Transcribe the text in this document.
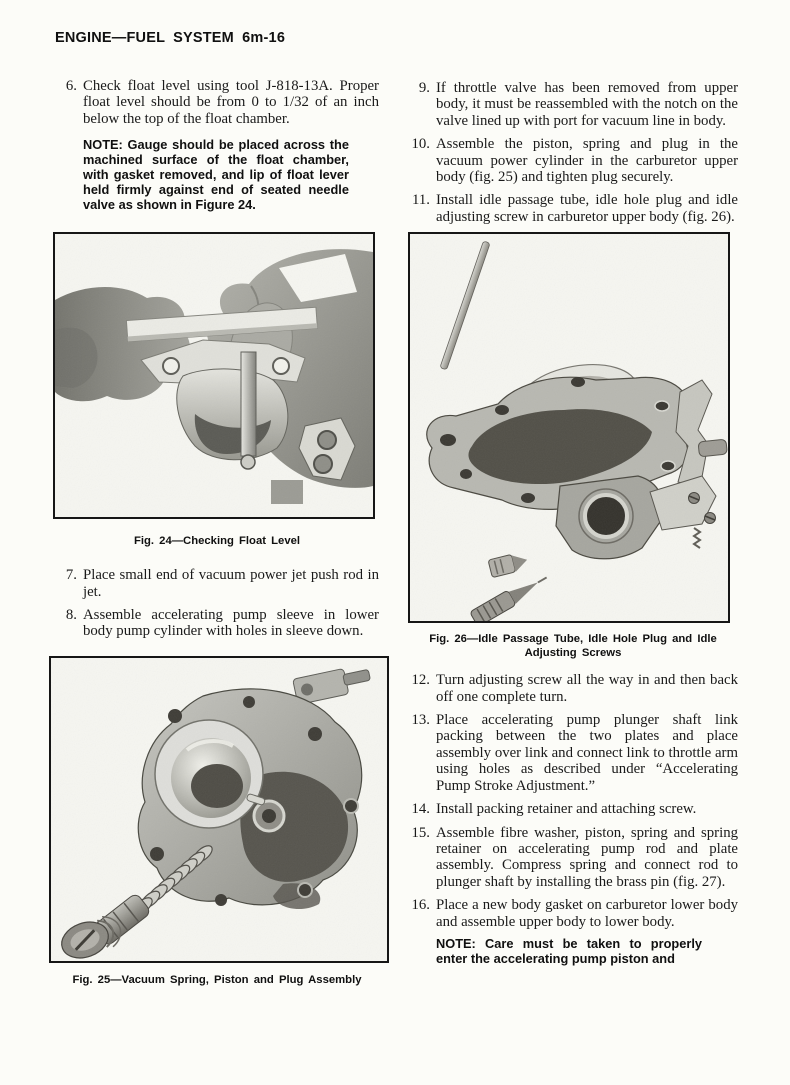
ENGINE—FUEL SYSTEM 6m-16
6. Check float level using tool J-818-13A. Proper float level should be from 0 to 1/32 of an inch below the top of the float chamber.
NOTE: Gauge should be placed across the machined surface of the float chamber, with gasket removed, and lip of float lever held firmly against end of seated needle valve as shown in Figure 24.
Fig. 24—Checking Float Level
7. Place small end of vacuum power jet push rod in jet.
8. Assemble accelerating pump sleeve in lower body pump cylinder with holes in sleeve down.
Fig. 25—Vacuum Spring, Piston and Plug Assembly
9. If throttle valve has been removed from upper body, it must be reassembled with the notch on the valve lined up with port for vacuum line in body.
10. Assemble the piston, spring and plug in the vacuum power cylinder in the carburetor upper body (fig. 25) and tighten plug securely.
11. Install idle passage tube, idle hole plug and idle adjusting screw in carburetor upper body (fig. 26).
Fig. 26—Idle Passage Tube, Idle Hole Plug and Idle Adjusting Screws
12. Turn adjusting screw all the way in and then back off one complete turn.
13. Place accelerating pump plunger shaft link packing between the two plates and place assembly over link and connect link to throttle arm using holes as described under “Accelerating Pump Stroke Adjustment.”
14. Install packing retainer and attaching screw.
15. Assemble fibre washer, piston, spring and spring retainer on accelerating pump rod and plate assembly. Compress spring and connect rod to plunger shaft by installing the brass pin (fig. 27).
16. Place a new body gasket on carburetor lower body and assemble upper body to lower body.
NOTE: Care must be taken to properly enter the accelerating pump piston and
